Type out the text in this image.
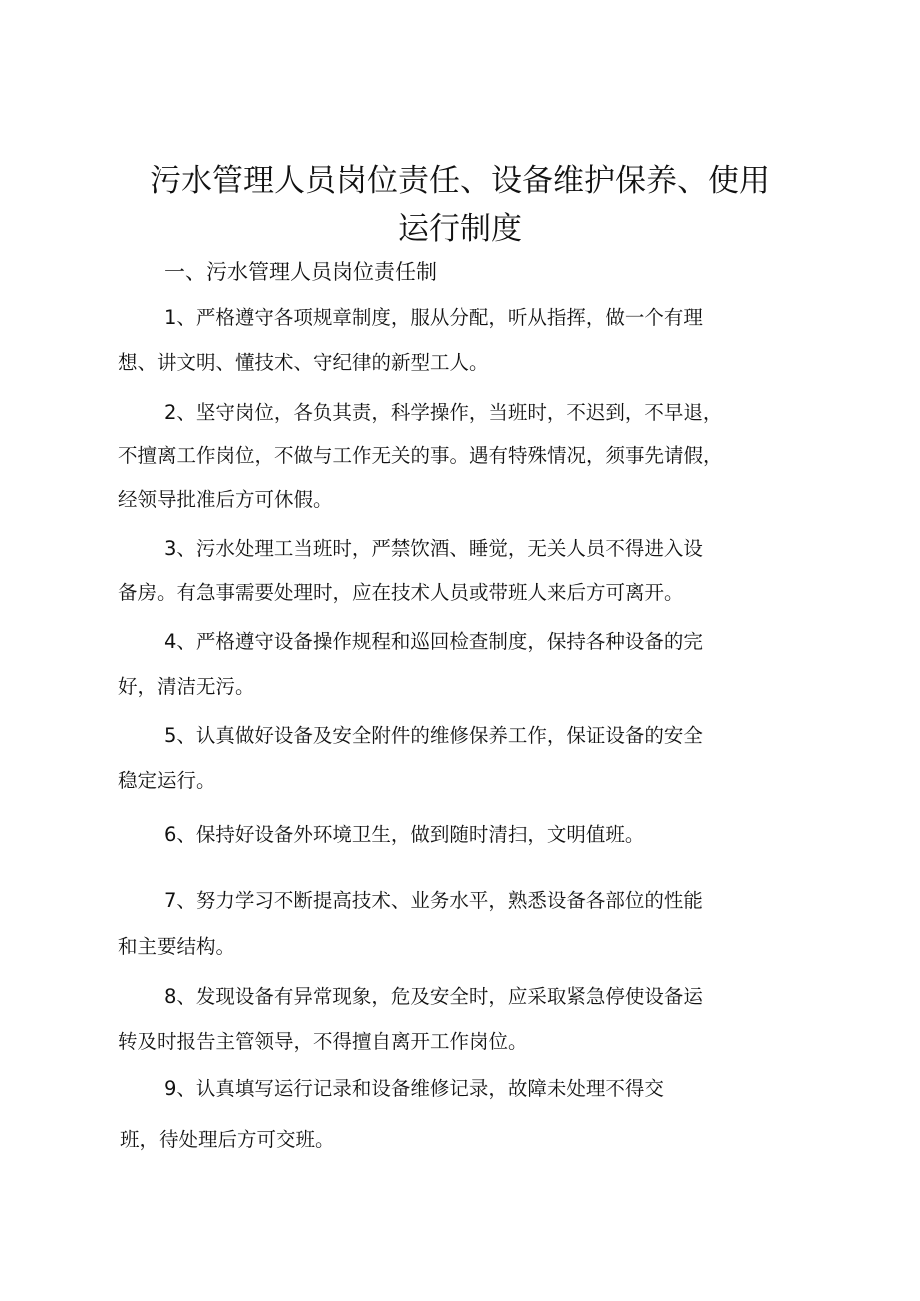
污水管理人员岗位责任、设备维护保养、使用
运行制度
一、污水管理人员岗位责任制

1、严格遵守各项规章制度，服从分配，听从指挥，做一个有理

想、讲文明、懂技术、守纪律的新型工人。

2、坚守岗位，各负其责，科学操作，当班时，不迟到，不早退，

不擅离工作岗位，不做与工作无关的事。遇有特殊情况，须事先请假，

经领导批准后方可休假。

3、污水处理工当班时，严禁饮酒、睡觉，无关人员不得进入设

备房。有急事需要处理时，应在技术人员或带班人来后方可离开。

4、严格遵守设备操作规程和巡回检查制度，保持各种设备的完

好，清洁无污。

5、认真做好设备及安全附件的维修保养工作，保证设备的安全

稳定运行。

6、保持好设备外环境卫生，做到随时清扫，文明值班。

7、努力学习不断提高技术、业务水平，熟悉设备各部位的性能

和主要结构。

8、发现设备有异常现象，危及安全时，应采取紧急停使设备运

转及时报告主管领导，不得擅自离开工作岗位。

9、认真填写运行记录和设备维修记录，故障未处理不得交

班，待处理后方可交班。
